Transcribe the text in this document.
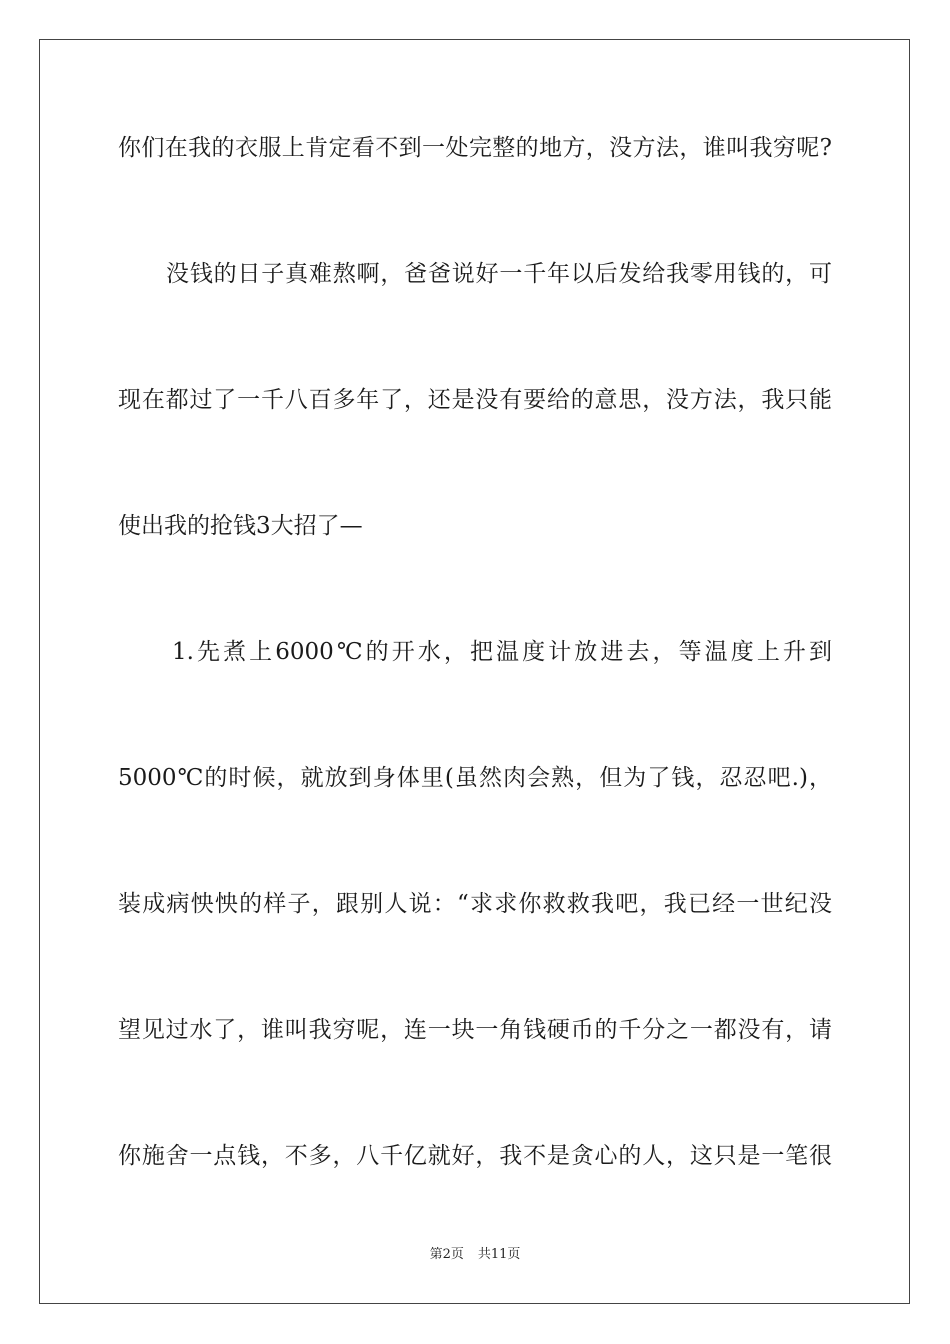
你们在我的衣服上肯定看不到一处完整的地方，没方法，谁叫我穷呢?
没钱的日子真难熬啊，爸爸说好一千年以后发给我零用钱的，可
现在都过了一千八百多年了，还是没有要给的意思，没方法，我只能
使出我的抢钱3大招了—
1.先煮上6000℃的开水，把温度计放进去，等温度上升到
5000℃的时候，就放到身体里(虽然肉会熟，但为了钱，忍忍吧.)，
装成病怏怏的样子，跟别人说：“求求你救救我吧，我已经一世纪没
望见过水了，谁叫我穷呢，连一块一角钱硬币的千分之一都没有，请
你施舍一点钱，不多，八千亿就好，我不是贪心的人，这只是一笔很
第2页 共11页
